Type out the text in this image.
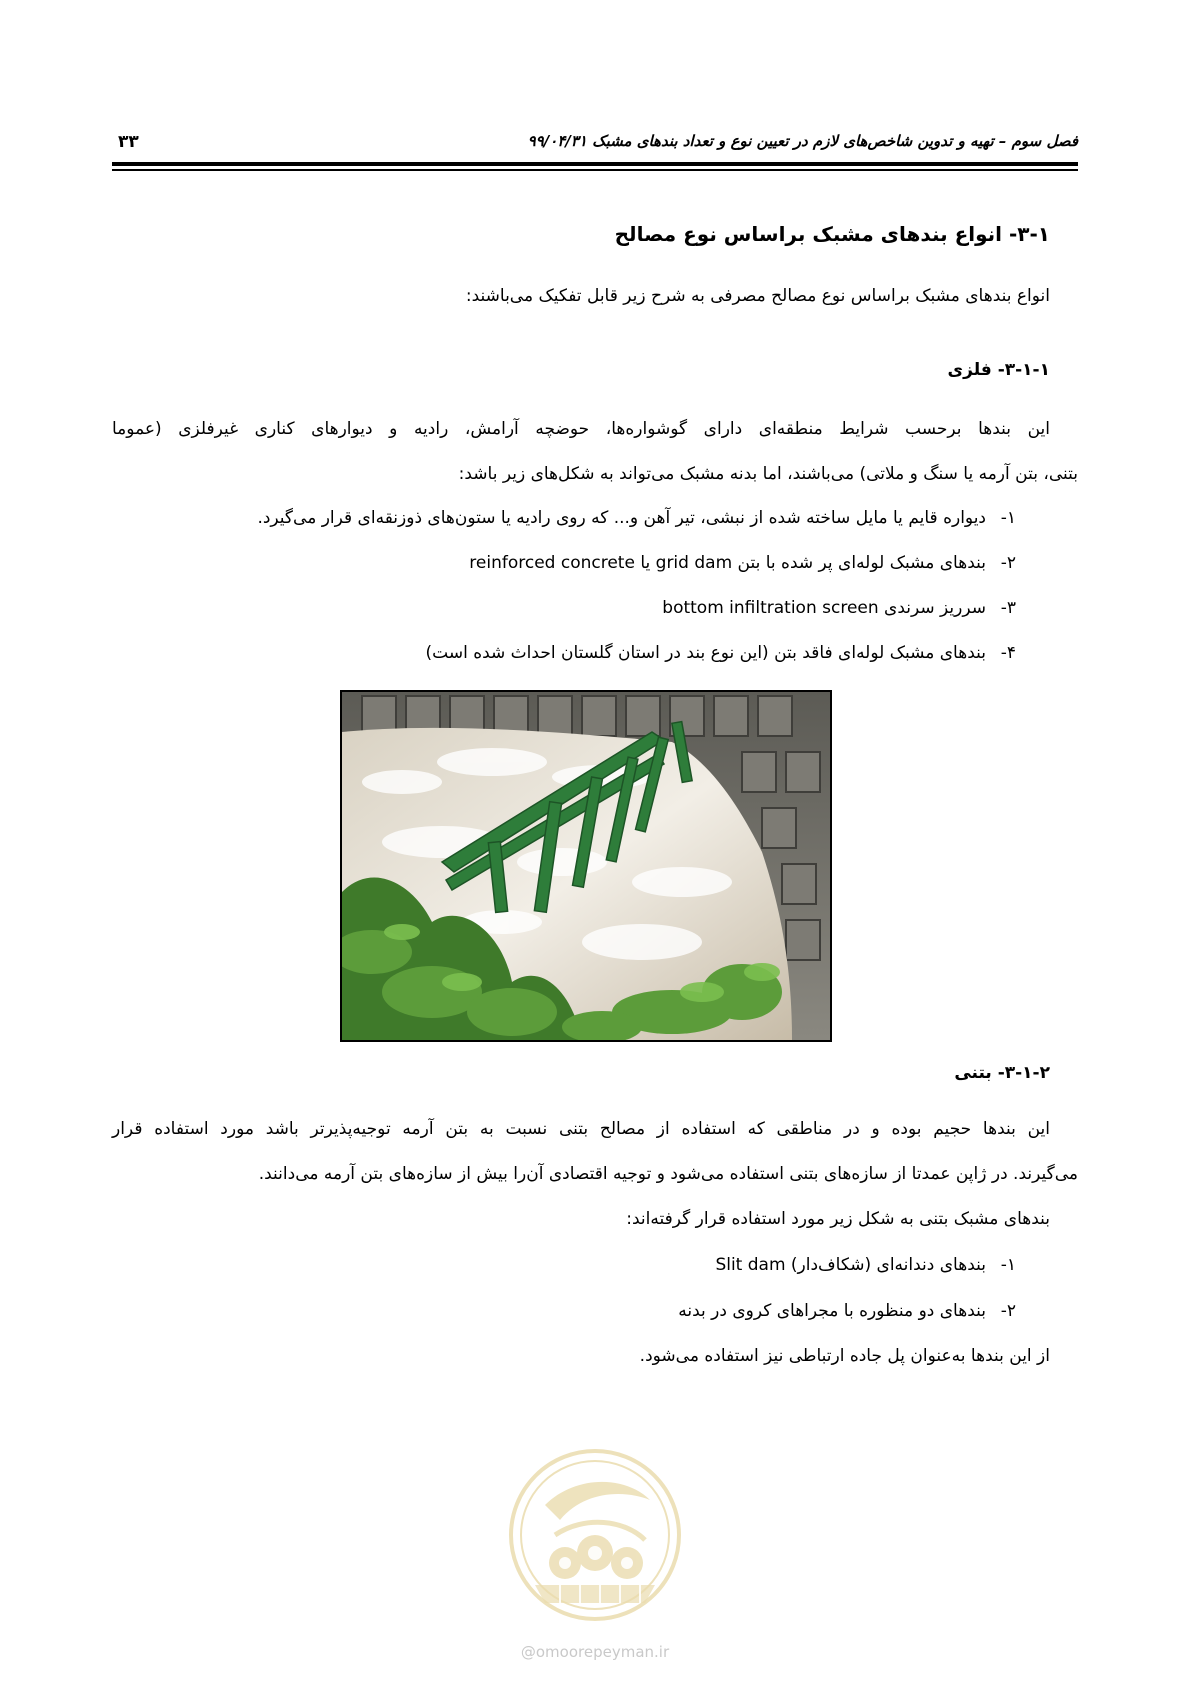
۳۳	فصل سوم – تهیه و تدوین شاخص‌های لازم در تعیین نوع و تعداد بندهای مشبک ۹۹/۰۴/۳۱
۳-۱- انواع بندهای مشبک براساس نوع مصالح
انواع بندهای مشبک براساس نوع مصالح مصرفی به شرح زیر قابل تفکیک می‌باشند:
۳-۱-۱- فلزی
این بندها برحسب شرایط منطقه‌ای دارای گوشواره‌ها، حوضچه آرامش، رادیه و دیوارهای کناری غیرفلزی (عموما
بتنی، بتن آرمه یا سنگ و ملاتی) می‌باشند، اما بدنه مشبک می‌تواند به شکل‌های زیر باشد:
۱-دیواره قایم یا مایل ساخته شده از نبشی، تیر آهن و... که روی رادیه یا ستون‌های ذوزنقه‌ای قرار می‌گیرد.
۲-بندهای مشبک لوله‌ای پر شده با بتن grid dam یا reinforced concrete
۳-سرریز سرندی bottom infiltration screen
۴-بندهای مشبک لوله‌ای فاقد بتن (این نوع بند در استان گلستان احداث شده است)
۳-۱-۲- بتنی
این بندها حجیم بوده و در مناطقی که استفاده از مصالح بتنی نسبت به بتن آرمه توجیه‌پذیرتر باشد مورد استفاده قرار
می‌گیرند. در ژاپن عمدتا از سازه‌های بتنی استفاده می‌شود و توجیه اقتصادی آن‌را بیش از سازه‌های بتن آرمه می‌دانند.
بندهای مشبک بتنی به شکل زیر مورد استفاده قرار گرفته‌اند:
۱-بندهای دندانه‌ای (شکاف‌دار) Slit dam
۲-بندهای دو منظوره با مجراهای کروی در بدنه
از این بندها به‌عنوان پل جاده ارتباطی نیز استفاده می‌شود.
@omoorepeyman.ir
